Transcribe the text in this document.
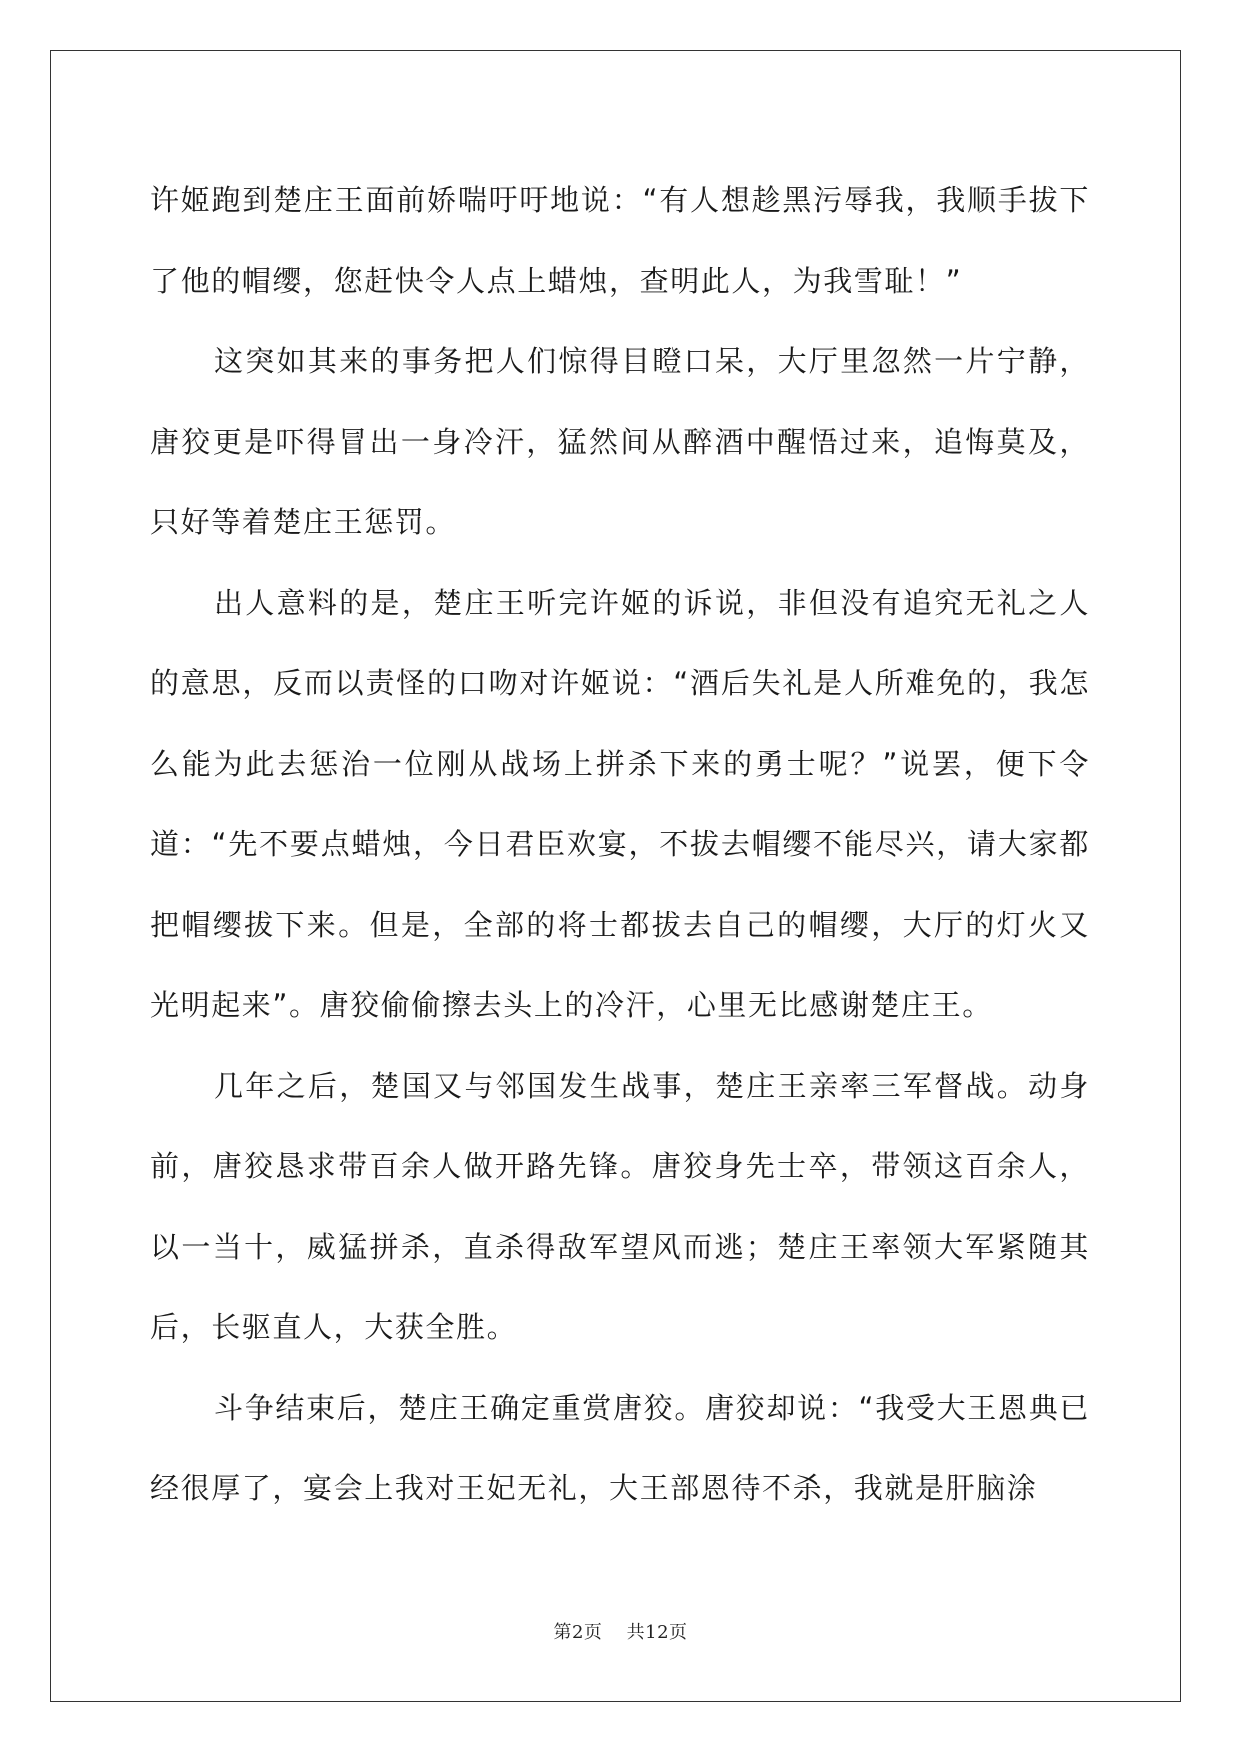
许姬跑到楚庄王面前娇喘吁吁地说：“有人想趁黑污辱我，我顺手拔下了他的帽缨，您赶快令人点上蜡烛，查明此人，为我雪耻！”

这突如其来的事务把人们惊得目瞪口呆，大厅里忽然一片宁静，唐狡更是吓得冒出一身冷汗，猛然间从醉酒中醒悟过来，追悔莫及，只好等着楚庄王惩罚。

出人意料的是，楚庄王听完许姬的诉说，非但没有追究无礼之人的意思，反而以责怪的口吻对许姬说：“酒后失礼是人所难免的，我怎么能为此去惩治一位刚从战场上拼杀下来的勇士呢？”说罢，便下令道：“先不要点蜡烛，今日君臣欢宴，不拔去帽缨不能尽兴，请大家都把帽缨拔下来。但是，全部的将士都拔去自己的帽缨，大厅的灯火又光明起来”。唐狡偷偷擦去头上的冷汗，心里无比感谢楚庄王。

几年之后，楚国又与邻国发生战事，楚庄王亲率三军督战。动身前，唐狡恳求带百余人做开路先锋。唐狡身先士卒，带领这百余人，以一当十，威猛拼杀，直杀得敌军望风而逃；楚庄王率领大军紧随其后，长驱直人，大获全胜。

斗争结束后，楚庄王确定重赏唐狡。唐狡却说：“我受大王恩典已经很厚了，宴会上我对王妃无礼，大王部恩待不杀，我就是肝脑涂

第2页 共12页
